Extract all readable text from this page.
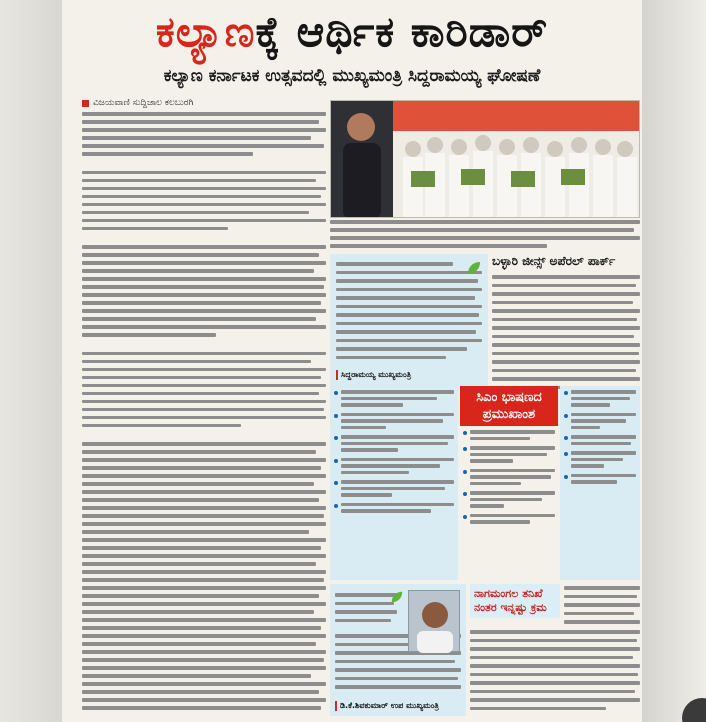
ಕಲ್ಯಾಣಕ್ಕೆ ಆರ್ಥಿಕ ಕಾರಿಡಾರ್
ಕಲ್ಯಾಣ ಕರ್ನಾಟಕ ಉತ್ಸವದಲ್ಲಿ ಮುಖ್ಯಮಂತ್ರಿ ಸಿದ್ದರಾಮಯ್ಯ ಘೋಷಣೆ
ವಿಜಯವಾಣಿ ಸುದ್ದಿಜಾಲ ಕಲಬುರಗಿ
ಸಿದ್ದರಾಮಯ್ಯ ಮುಖ್ಯಮಂತ್ರಿ
ಬಳ್ಳಾರಿ ಜೀನ್ಸ್ ಅಪೆರಲ್ ಪಾರ್ಕ್
ಸಿಎಂ ಭಾಷಣದ ಪ್ರಮುಖಾಂಶ
ಡಿ.ಕೆ.ಶಿವಕುಮಾರ್ ಉಪ ಮುಖ್ಯಮಂತ್ರಿ
ನಾಗಮಂಗಲ ತನಿಖೆ ನಂತರ ಇನ್ನಷ್ಟು ಕ್ರಮ
